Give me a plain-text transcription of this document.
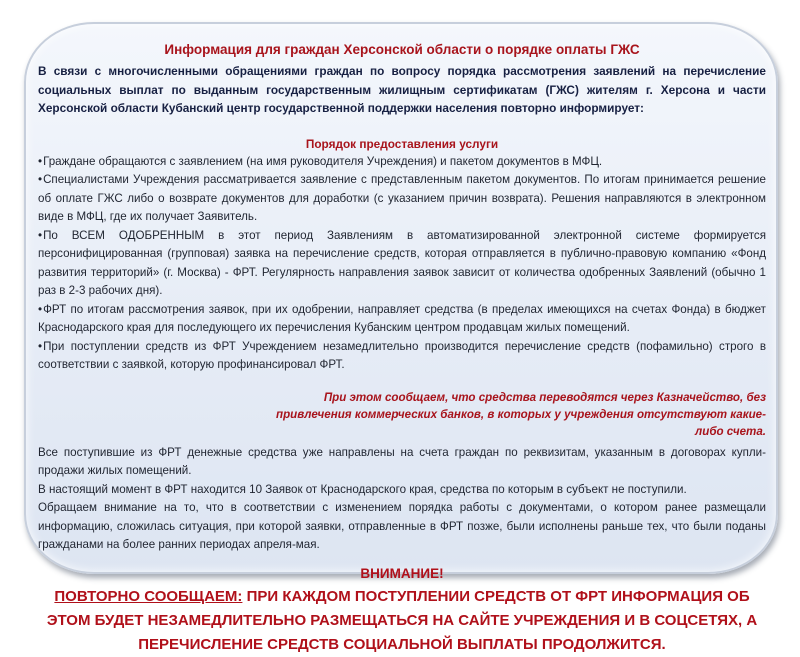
Информация для граждан Херсонской области о порядке оплаты ГЖС

В связи с многочисленными обращениями граждан по вопросу порядка рассмотрения заявлений на перечисление социальных выплат по выданным государственным жилищным сертификатам (ГЖС) жителям г. Херсона и части Херсонской области Кубанский центр государственной поддержки населения повторно информирует:

Порядок предоставления услуги

• Граждане обращаются с заявлением (на имя руководителя Учреждения) и пакетом документов в МФЦ.

• Специалистами Учреждения рассматривается заявление с представленным пакетом документов. По итогам принимается решение об оплате ГЖС либо о возврате документов для доработки (с указанием причин возврата). Решения направляются в электронном виде в МФЦ, где их получает Заявитель.

• По ВСЕМ ОДОБРЕННЫМ в этот период Заявлениям в автоматизированной электронной системе формируется персонифицированная (групповая) заявка на перечисление средств, которая отправляется в публично-правовую компанию «Фонд развития территорий» (г. Москва) - ФРТ. Регулярность направления заявок зависит от количества одобренных Заявлений (обычно 1 раз в 2-3 рабочих дня).

• ФРТ по итогам рассмотрения заявок, при их одобрении, направляет средства (в пределах имеющихся на счетах Фонда) в бюджет Краснодарского края для последующего их перечисления Кубанским центром продавцам жилых помещений.

• При поступлении средств из ФРТ Учреждением незамедлительно производится перечисление средств (пофамильно) строго в соответствии с заявкой, которую профинансировал ФРТ.

При этом сообщаем, что средства переводятся через Казначейство, без привлечения коммерческих банков, в которых у учреждения отсутствуют какие-либо счета.

Все поступившие из ФРТ денежные средства уже направлены на счета граждан по реквизитам, указанным в договорах купли-продажи жилых помещений.

В настоящий момент в ФРТ находится 10 Заявок от Краснодарского края, средства по которым в субъект не поступили.

Обращаем внимание на то, что в соответствии с изменением порядка работы с документами, о котором ранее размещали информацию, сложилась ситуация, при которой заявки, отправленные в ФРТ позже, были исполнены раньше тех, что были поданы гражданами на более ранних периодах апреля-мая.

ВНИМАНИЕ!
ПОВТОРНО СООБЩАЕМ: ПРИ КАЖДОМ ПОСТУПЛЕНИИ СРЕДСТВ ОТ ФРТ ИНФОРМАЦИЯ ОБ ЭТОМ БУДЕТ НЕЗАМЕДЛИТЕЛЬНО РАЗМЕЩАТЬСЯ НА САЙТЕ УЧРЕЖДЕНИЯ И В СОЦСЕТЯХ, А ПЕРЕЧИСЛЕНИЕ СРЕДСТВ СОЦИАЛЬНОЙ ВЫПЛАТЫ ПРОДОЛЖИТСЯ.
